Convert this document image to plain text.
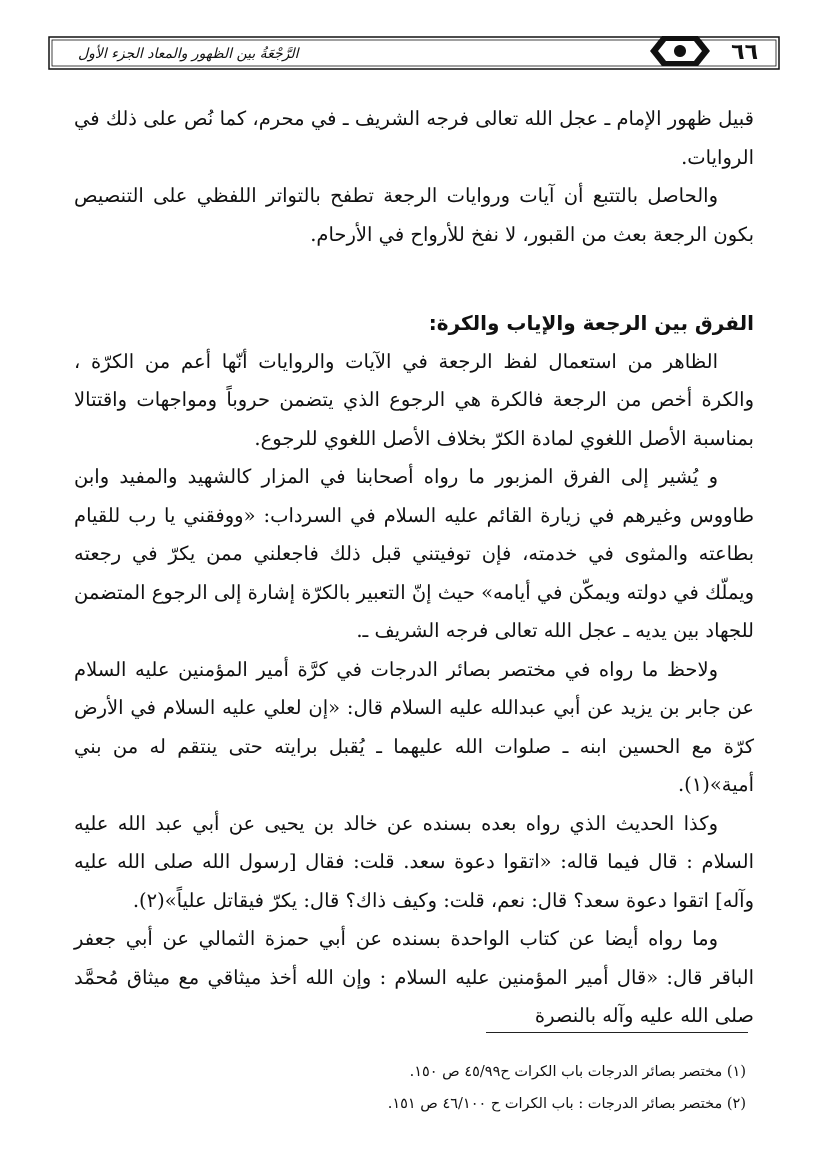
٦٦
الرَّجْعَةُ بين الظهور والمعاد الجزء الأول

قبيل ظهور الإمام ـ عجل الله تعالى فرجه الشريف ـ في محرم، كما نُص على ذلك في الروايات.

والحاصل بالتتبع أن آيات وروايات الرجعة تطفح بالتواتر اللفظي على التنصيص بكون الرجعة بعث من القبور، لا نفخ للأرواح في الأرحام.

الفرق بين الرجعة والإياب والكرة:

الظاهر من استعمال لفظ الرجعة في الآيات والروايات أنّها أعم من الكرّة ، والكرة أخص من الرجعة فالكرة هي الرجوع الذي يتضمن حروباً ومواجهات واقتتالا بمناسبة الأصل اللغوي لمادة الكرّ بخلاف الأصل اللغوي للرجوع.

و يُشير إلى الفرق المزبور ما رواه أصحابنا في المزار كالشهيد والمفيد وابن طاووس وغيرهم في زيارة القائم عليه السلام في السرداب: «ووفقني يا رب للقيام بطاعته والمثوى في خدمته، فإن توفيتني قبل ذلك فاجعلني ممن يكرّ في رجعته ويملّك في دولته ويمكّن في أيامه» حيث إنّ التعبير بالكرّة إشارة إلى الرجوع المتضمن للجهاد بين يديه ـ عجل الله تعالى فرجه الشريف ـ.

ولاحظ ما رواه في مختصر بصائر الدرجات في كرَّة أمير المؤمنين عليه السلام عن جابر بن يزيد عن أبي عبدالله عليه السلام قال: «إن لعلي عليه السلام في الأرض كرّة مع الحسين ابنه ـ صلوات الله عليهما ـ يُقبل برايته حتى ينتقم له من بني أمية»(١).

وكذا الحديث الذي رواه بعده بسنده عن خالد بن يحيى عن أبي عبد الله عليه السلام : قال فيما قاله: «اتقوا دعوة سعد. قلت: فقال [رسول الله صلى الله عليه وآله] اتقوا دعوة سعد؟ قال: نعم، قلت: وكيف ذاك؟ قال: يكرّ فيقاتل علياً»(٢).

وما رواه أيضا عن كتاب الواحدة بسنده عن أبي حمزة الثمالي عن أبي جعفر الباقر قال: «قال أمير المؤمنين عليه السلام : وإن الله أخذ ميثاقي مع ميثاق مُحمَّد صلى الله عليه وآله بالنصرة

(١) مختصر بصائر الدرجات باب الكرات ح٤٥/٩٩ ص ١٥٠.
(٢) مختصر بصائر الدرجات : باب الكرات ح ٤٦/١٠٠ ص ١٥١.
